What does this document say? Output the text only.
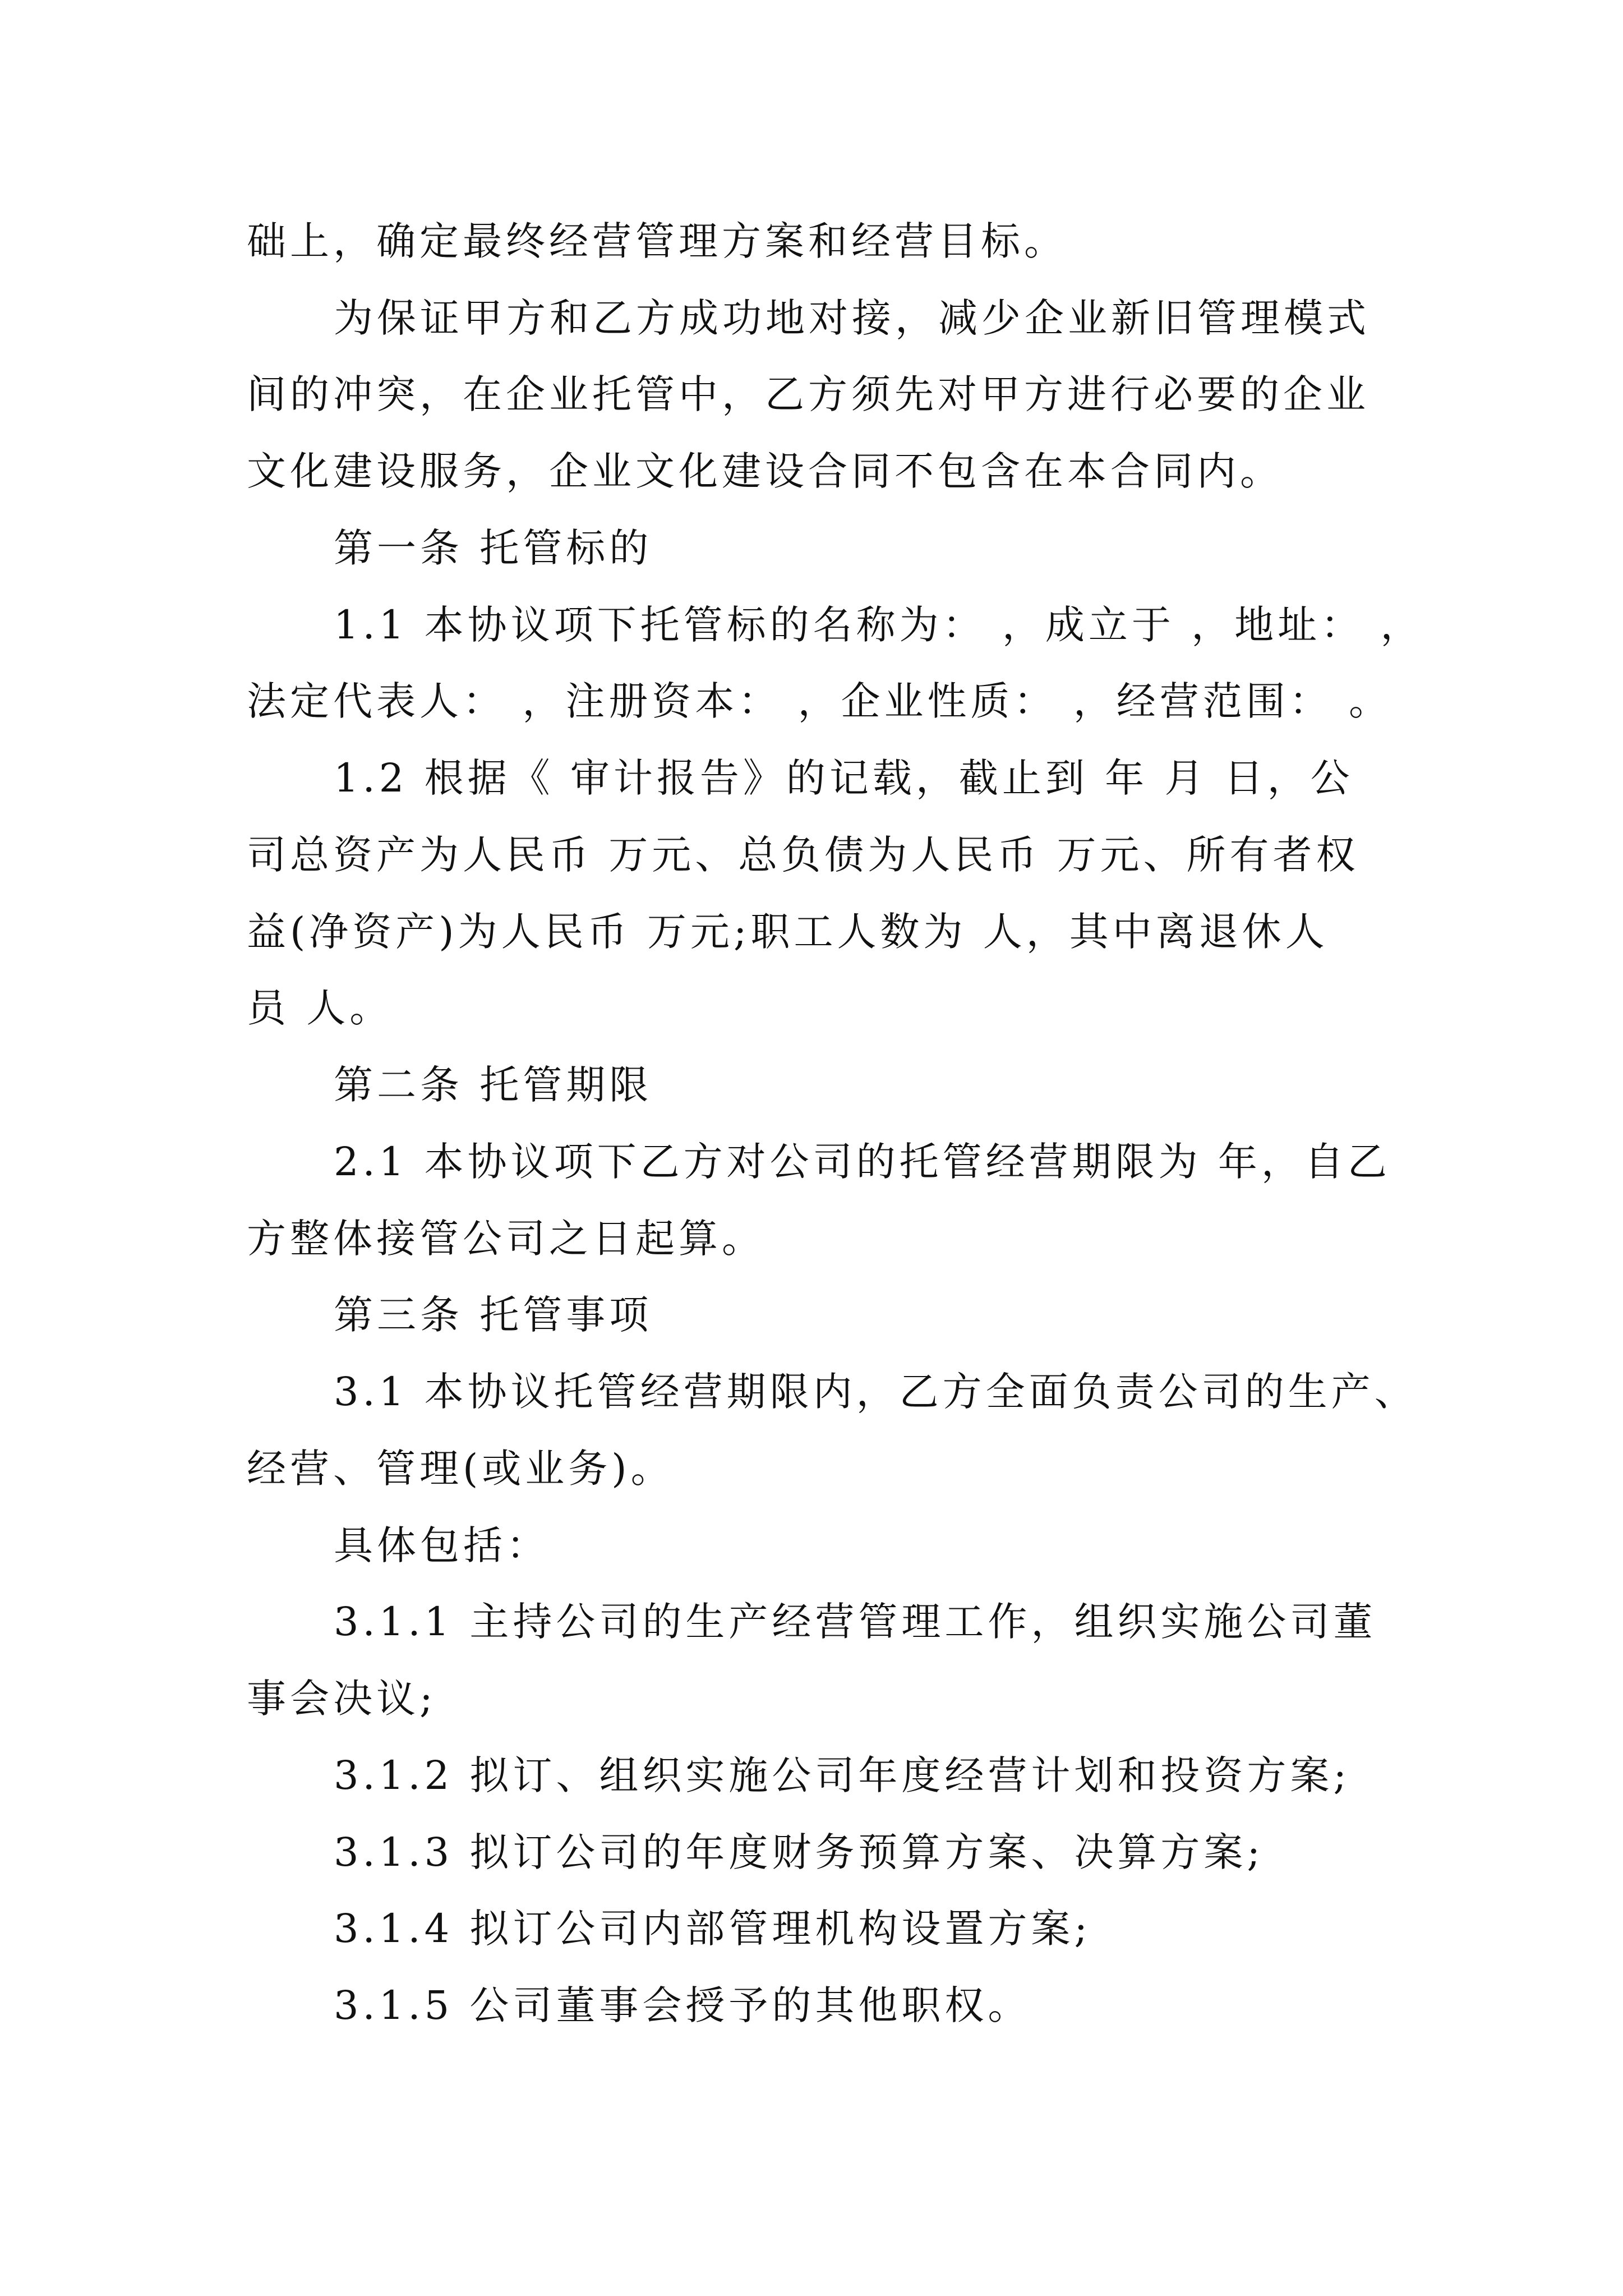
础上，确定最终经营管理方案和经营目标。
为保证甲方和乙方成功地对接，减少企业新旧管理模式
间的冲突，在企业托管中，乙方须先对甲方进行必要的企业
文化建设服务，企业文化建设合同不包含在本合同内。
第一条 托管标的
1.1 本协议项下托管标的名称为： ，成立于 ，地址： ，
法定代表人： ，注册资本： ，企业性质： ，经营范围： 。
1.2 根据《 审计报告》的记载，截止到 年 月 日，公
司总资产为人民币 万元、总负债为人民币 万元、所有者权
益(净资产)为人民币 万元;职工人数为 人，其中离退休人
员 人。
第二条 托管期限
2.1 本协议项下乙方对公司的托管经营期限为 年，自乙
方整体接管公司之日起算。
第三条 托管事项
3.1 本协议托管经营期限内，乙方全面负责公司的生产、
经营、管理(或业务)。
具体包括：
3.1.1 主持公司的生产经营管理工作，组织实施公司董
事会决议;
3.1.2 拟订、组织实施公司年度经营计划和投资方案;
3.1.3 拟订公司的年度财务预算方案、决算方案;
3.1.4 拟订公司内部管理机构设置方案;
3.1.5 公司董事会授予的其他职权。
